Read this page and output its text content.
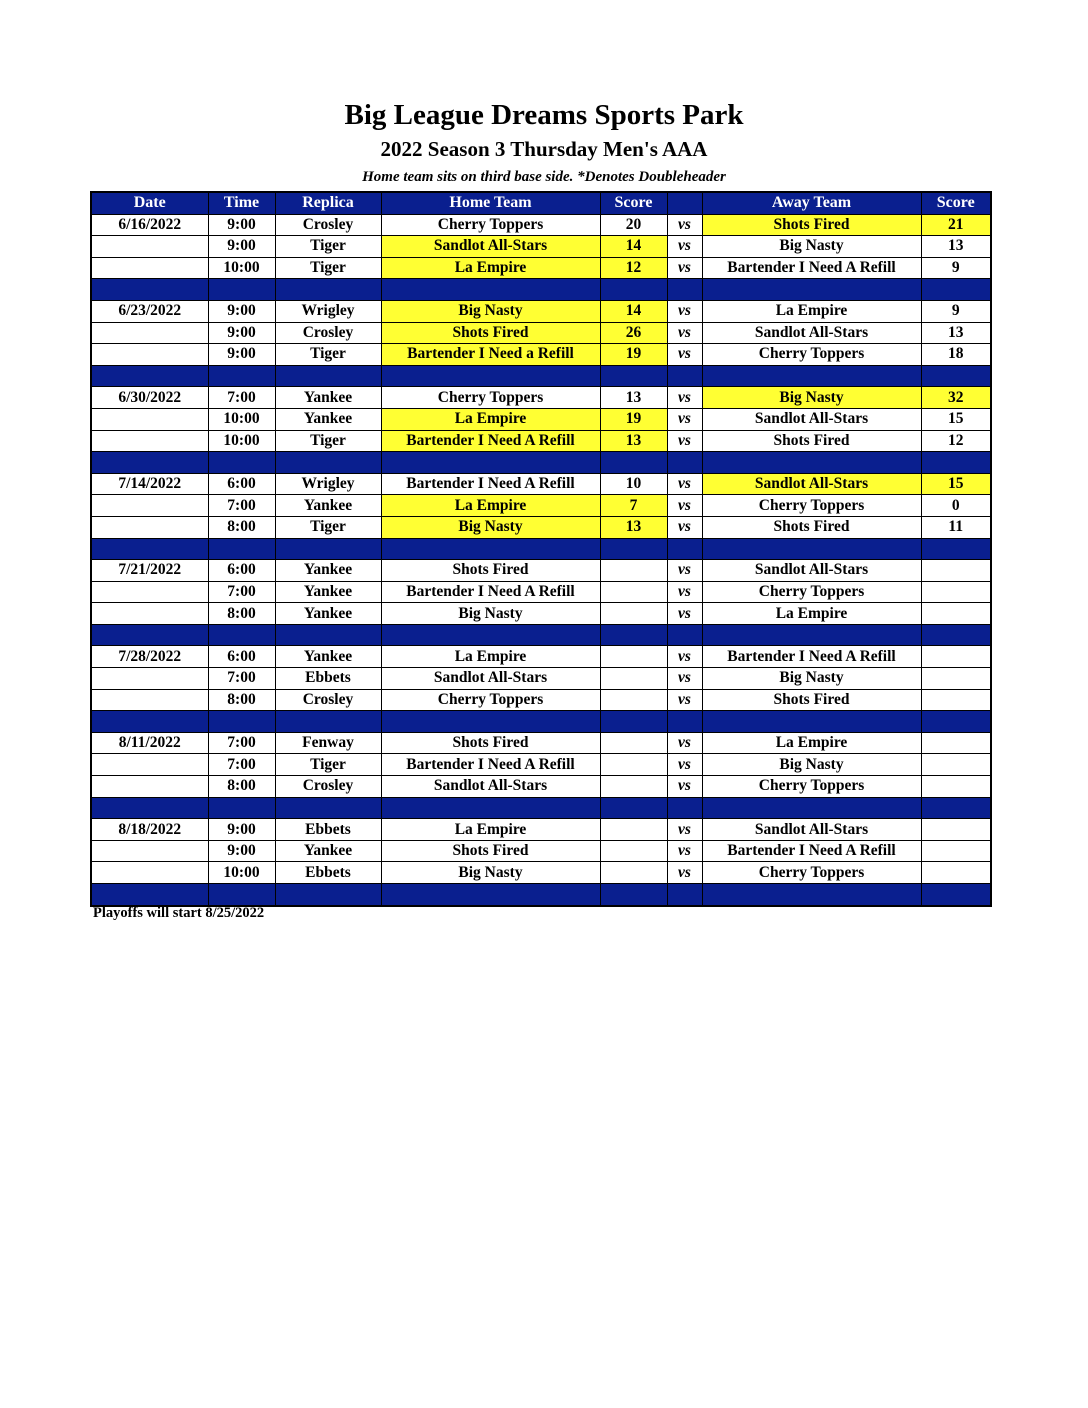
Big League Dreams Sports Park
2022 Season 3 Thursday Men's AAA
Home team sits on third base side. *Denotes Doubleheader
Date	Time	Replica	Home Team	Score		Away Team	Score
6/16/2022	9:00	Crosley	Cherry Toppers	20	vs	Shots Fired	21
	9:00	Tiger	Sandlot All-Stars	14	vs	Big Nasty	13
	10:00	Tiger	La Empire	12	vs	Bartender I Need A Refill	9

6/23/2022	9:00	Wrigley	Big Nasty	14	vs	La Empire	9
	9:00	Crosley	Shots Fired	26	vs	Sandlot All-Stars	13
	9:00	Tiger	Bartender I Need a Refill	19	vs	Cherry Toppers	18

6/30/2022	7:00	Yankee	Cherry Toppers	13	vs	Big Nasty	32
	10:00	Yankee	La Empire	19	vs	Sandlot All-Stars	15
	10:00	Tiger	Bartender I Need A Refill	13	vs	Shots Fired	12

7/14/2022	6:00	Wrigley	Bartender I Need A Refill	10	vs	Sandlot All-Stars	15
	7:00	Yankee	La Empire	7	vs	Cherry Toppers	0
	8:00	Tiger	Big Nasty	13	vs	Shots Fired	11

7/21/2022	6:00	Yankee	Shots Fired		vs	Sandlot All-Stars	
	7:00	Yankee	Bartender I Need A Refill		vs	Cherry Toppers	
	8:00	Yankee	Big Nasty		vs	La Empire	

7/28/2022	6:00	Yankee	La Empire		vs	Bartender I Need A Refill	
	7:00	Ebbets	Sandlot All-Stars		vs	Big Nasty	
	8:00	Crosley	Cherry Toppers		vs	Shots Fired	

8/11/2022	7:00	Fenway	Shots Fired		vs	La Empire	
	7:00	Tiger	Bartender I Need A Refill		vs	Big Nasty	
	8:00	Crosley	Sandlot All-Stars		vs	Cherry Toppers	

8/18/2022	9:00	Ebbets	La Empire		vs	Sandlot All-Stars	
	9:00	Yankee	Shots Fired		vs	Bartender I Need A Refill	
	10:00	Ebbets	Big Nasty		vs	Cherry Toppers	

Playoffs will start 8/25/2022
